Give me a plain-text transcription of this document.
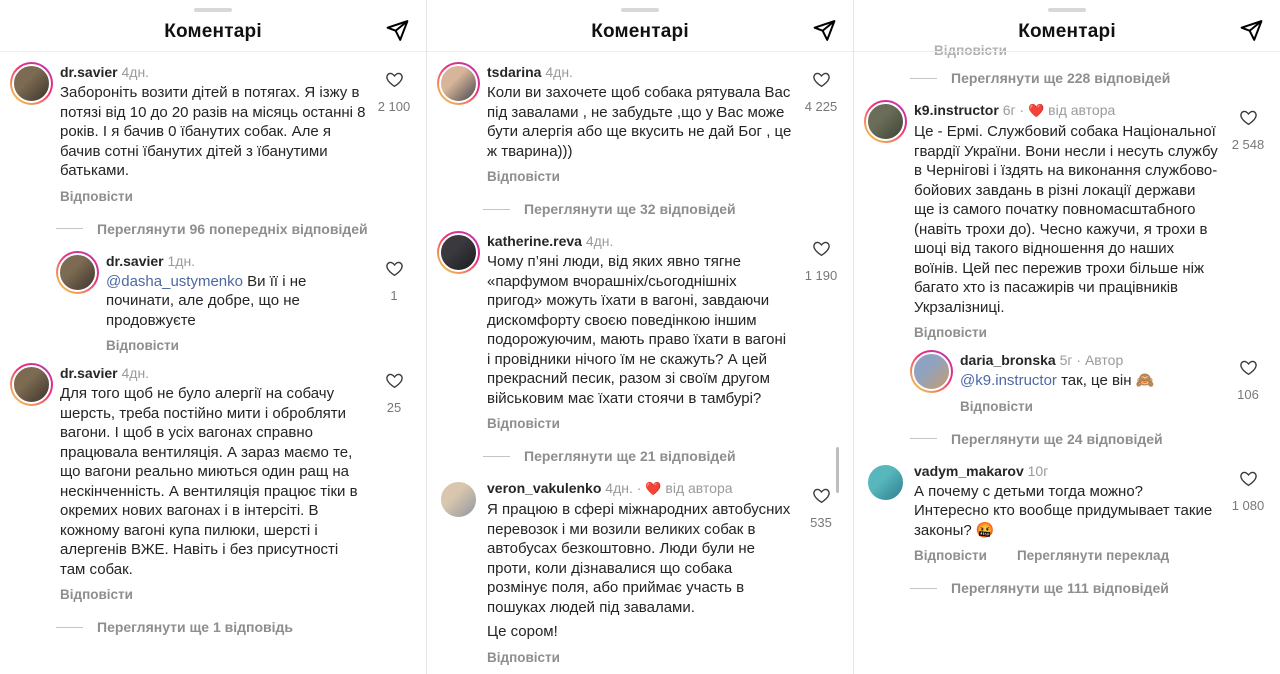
Коментарі
dr.savier 4дн.
Забороніть возити дітей в потягах. Я ізжу в потязі від 10 до 20 разів на місяць останні 8 років. І я бачив 0 їбанутих собак. Але я бачив сотні їбанутих дітей з їбанутими батьками.
Відповісти
2 100
Переглянути 96 попередніх відповідей
dr.savier 1дн.
@dasha_ustymenko Ви її і не починати, але добре, що не продовжуєте
Відповісти
1
dr.savier 4дн.
Для того щоб не було алергії на собачу шерсть, треба постійно мити і обробляти вагони. І щоб в усіх вагонах справно працювала вентиляція. А зараз маємо те, що вагони реально миються один ращ на нескінченність. А вентиляція працює тіки в окремих нових вагонах і в інтерсіті. В кожному вагоні купа пилюки, шерсті і алергенів ВЖЕ. Навіть і без присутності там собак.
Відповісти
25
Переглянути ще 1 відповідь
Коментарі
tsdarina 4дн.
Коли ви захочете щоб собака рятувала Вас під завалами , не забудьте ,що у Вас може бути алергія або ще вкусить не дай Бог , це ж тварина)))
Відповісти
4 225
Переглянути ще 32 відповідей
katherine.reva 4дн.
Чому п’яні люди, від яких явно тягне «парфумом вчорашніх/сьогоднішніх пригод» можуть їхати в вагоні, завдаючи дискомфорту своєю поведінкою іншим подорожуючим, мають право їхати в вагоні і провідники нічого їм не скажуть? А цей прекрасний песик, разом зі своїм другом військовим має їхати стоячи в тамбурі?
Відповісти
1 190
Переглянути ще 21 відповідей
veron_vakulenko 4дн. · ❤️ від автора
Я працюю в сфері міжнародних автобусних перевозок і ми возили великих собак в автобусах безкоштовно. Люди були не проти, коли дізнавалися що собака розмінує поля, або приймає участь в пошуках людей під завалами.
Це сором!
Відповісти
535
Коментарі
Відповісти
Переглянути ще 228 відповідей
k9.instructor 6г · ❤️ від автора
Це - Ермі. Службовий собака Національної гвардії України. Вони несли і несуть службу в Чернігові і їздять на виконання службово-бойових завдань в різні локації держави ще із самого початку повномасштабного (навіть трохи до). Чесно кажучи, я трохи в шоці від такого відношення до наших воїнів. Цей пес пережив трохи більше ніж багато хто із пасажирів чи працівників Укрзалізниці.
Відповісти
2 548
daria_bronska 5г · Автор
@k9.instructor так, це він 🙈
Відповісти
106
Переглянути ще 24 відповідей
vadym_makarov 10г
А почему с детьми тогда можно? Интересно кто вообще придумывает такие законы? 🤬
Відповісти Переглянути переклад
1 080
Переглянути ще 111 відповідей
